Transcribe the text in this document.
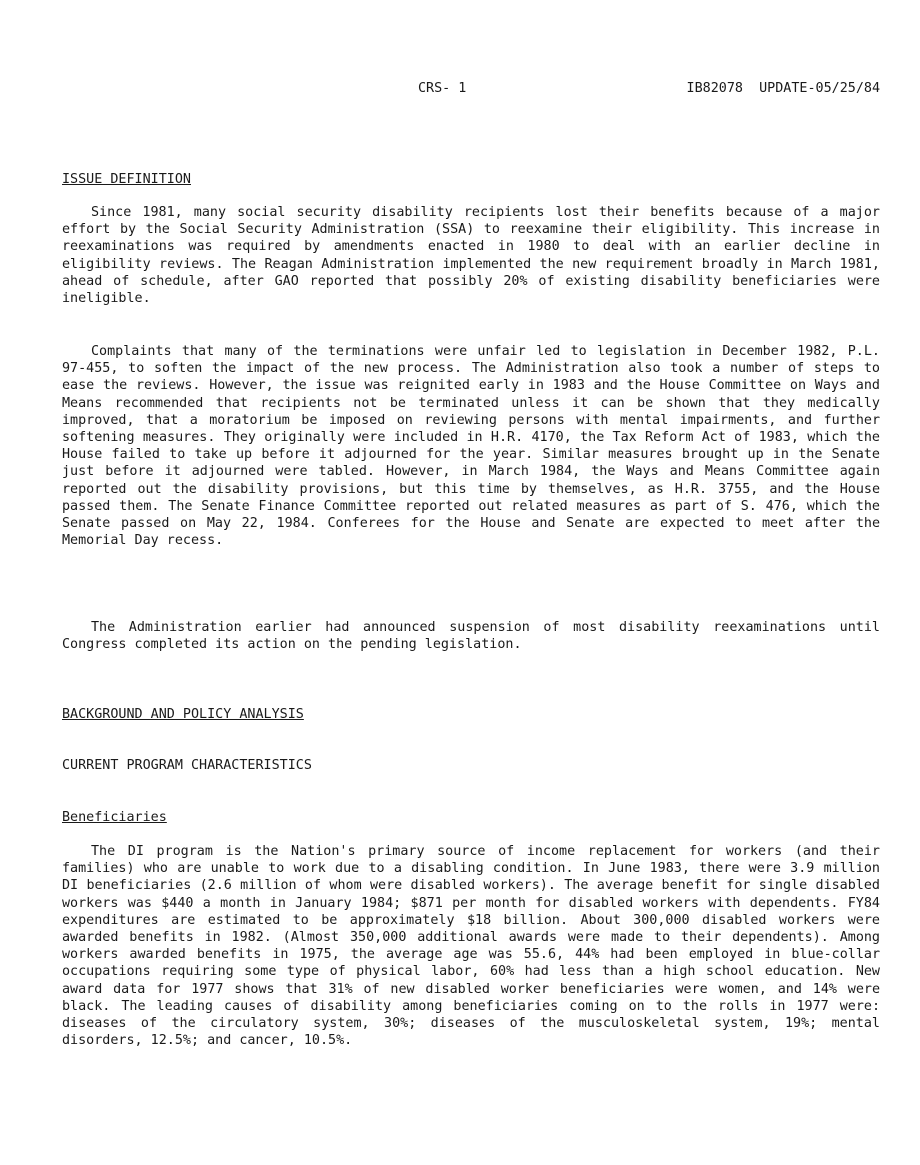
CRS- 1	IB82078  UPDATE-05/25/84
ISSUE DEFINITION
Since 1981, many social security disability recipients lost their benefits because of a major effort by the Social Security Administration (SSA) to reexamine their eligibility. This increase in reexaminations was required by amendments enacted in 1980 to deal with an earlier decline in eligibility reviews. The Reagan Administration implemented the new requirement broadly in March 1981, ahead of schedule, after GAO reported that possibly 20% of existing disability beneficiaries were ineligible.
Complaints that many of the terminations were unfair led to legislation in December 1982, P.L. 97-455, to soften the impact of the new process. The Administration also took a number of steps to ease the reviews. However, the issue was reignited early in 1983 and the House Committee on Ways and Means recommended that recipients not be terminated unless it can be shown that they medically improved, that a moratorium be imposed on reviewing persons with mental impairments, and further softening measures. They originally were included in H.R. 4170, the Tax Reform Act of 1983, which the House failed to take up before it adjourned for the year. Similar measures brought up in the Senate just before it adjourned were tabled. However, in March 1984, the Ways and Means Committee again reported out the disability provisions, but this time by themselves, as H.R. 3755, and the House passed them. The Senate Finance Committee reported out related measures as part of S. 476, which the Senate passed on May 22, 1984. Conferees for the House and Senate are expected to meet after the Memorial Day recess.
The Administration earlier had announced suspension of most disability reexaminations until Congress completed its action on the pending legislation.
BACKGROUND AND POLICY ANALYSIS
CURRENT PROGRAM CHARACTERISTICS
Beneficiaries
The DI program is the Nation's primary source of income replacement for workers (and their families) who are unable to work due to a disabling condition. In June 1983, there were 3.9 million DI beneficiaries (2.6 million of whom were disabled workers). The average benefit for single disabled workers was $440 a month in January 1984; $871 per month for disabled workers with dependents. FY84 expenditures are estimated to be approximately $18 billion. About 300,000 disabled workers were awarded benefits in 1982. (Almost 350,000 additional awards were made to their dependents). Among workers awarded benefits in 1975, the average age was 55.6, 44% had been employed in blue-collar occupations requiring some type of physical labor, 60% had less than a high school education. New award data for 1977 shows that 31% of new disabled worker beneficiaries were women, and 14% were black. The leading causes of disability among beneficiaries coming on to the rolls in 1977 were: diseases of the circulatory system, 30%; diseases of the musculoskeletal system, 19%; mental disorders, 12.5%; and cancer, 10.5%.
